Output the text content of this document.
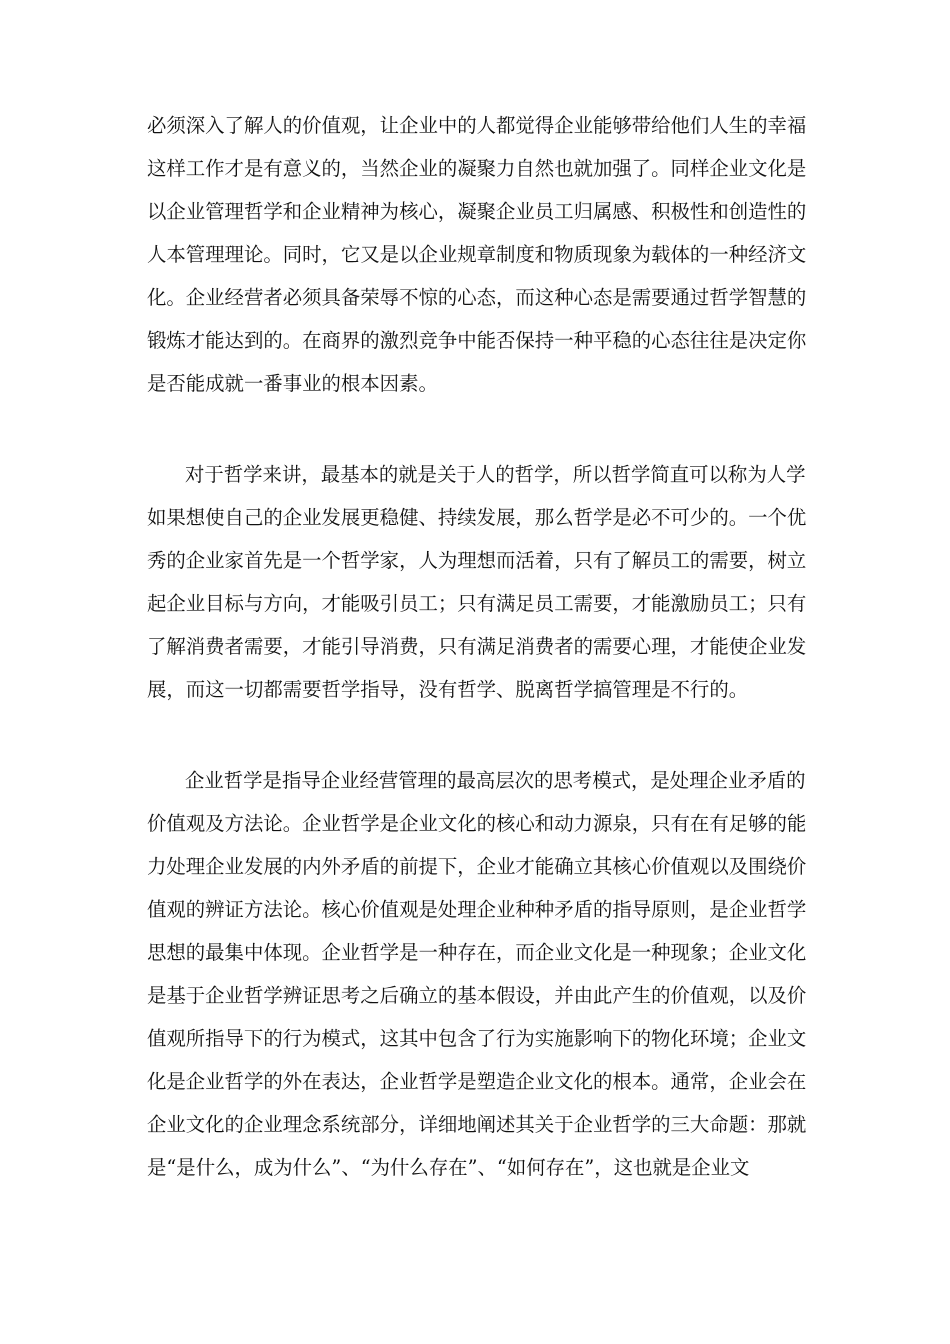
必须深入了解人的价值观，让企业中的人都觉得企业能够带给他们人生的幸福

这样工作才是有意义的，当然企业的凝聚力自然也就加强了。同样企业文化是

以企业管理哲学和企业精神为核心，凝聚企业员工归属感、积极性和创造性的

人本管理理论。同时，它又是以企业规章制度和物质现象为载体的一种经济文

化。企业经营者必须具备荣辱不惊的心态，而这种心态是需要通过哲学智慧的

锻炼才能达到的。在商界的激烈竞争中能否保持一种平稳的心态往往是决定你

是否能成就一番事业的根本因素。

对于哲学来讲，最基本的就是关于人的哲学，所以哲学简直可以称为人学

如果想使自己的企业发展更稳健、持续发展，那么哲学是必不可少的。一个优

秀的企业家首先是一个哲学家，人为理想而活着，只有了解员工的需要，树立

起企业目标与方向，才能吸引员工；只有满足员工需要，才能激励员工；只有

了解消费者需要，才能引导消费，只有满足消费者的需要心理，才能使企业发

展，而这一切都需要哲学指导，没有哲学、脱离哲学搞管理是不行的。

企业哲学是指导企业经营管理的最高层次的思考模式，是处理企业矛盾的

价值观及方法论。企业哲学是企业文化的核心和动力源泉，只有在有足够的能

力处理企业发展的内外矛盾的前提下，企业才能确立其核心价值观以及围绕价

值观的辨证方法论。核心价值观是处理企业种种矛盾的指导原则，是企业哲学

思想的最集中体现。企业哲学是一种存在，而企业文化是一种现象；企业文化

是基于企业哲学辨证思考之后确立的基本假设，并由此产生的价值观，以及价

值观所指导下的行为模式，这其中包含了行为实施影响下的物化环境；企业文

化是企业哲学的外在表达，企业哲学是塑造企业文化的根本。通常，企业会在

企业文化的企业理念系统部分，详细地阐述其关于企业哲学的三大命题：那就

是“是什么，成为什么”、“为什么存在”、“如何存在”，这也就是企业文
